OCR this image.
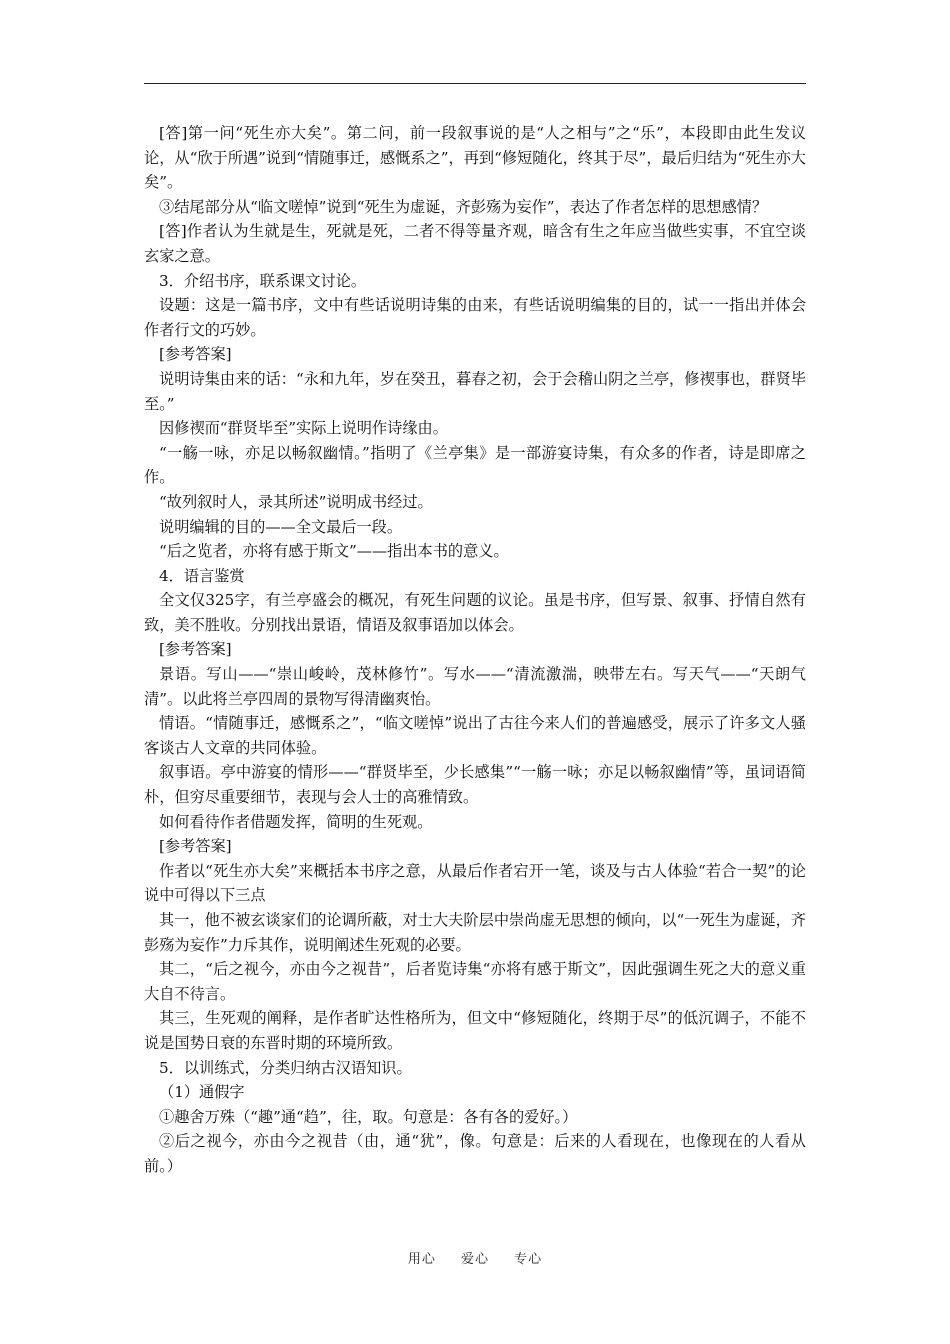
[答]第一问“死生亦大矣”。第二问，前一段叙事说的是“人之相与”之“乐”，本段即由此生发议论，从“欣于所遇”说到“情随事迁，感慨系之”，再到“修短随化，终其于尽”，最后归结为“死生亦大矣”。

③结尾部分从“临文嗟悼”说到“死生为虚诞，齐彭殇为妄作”，表达了作者怎样的思想感情？

[答]作者认为生就是生，死就是死，二者不得等量齐观，暗含有生之年应当做些实事，不宜空谈玄家之意。

3．介绍书序，联系课文讨论。

设题：这是一篇书序，文中有些话说明诗集的由来，有些话说明编集的目的，试一一指出并体会作者行文的巧妙。

[参考答案]

说明诗集由来的话：“永和九年，岁在癸丑，暮春之初，会于会稽山阴之兰亭，修禊事也，群贤毕至。”

因修禊而“群贤毕至”实际上说明作诗缘由。

“一觞一咏，亦足以畅叙幽情。”指明了《兰亭集》是一部游宴诗集，有众多的作者，诗是即席之作。

“故列叙时人，录其所述”说明成书经过。

说明编辑的目的——全文最后一段。

“后之览者，亦将有感于斯文”——指出本书的意义。

4．语言鉴赏

全文仅325字，有兰亭盛会的概况，有死生问题的议论。虽是书序，但写景、叙事、抒情自然有致，美不胜收。分别找出景语，情语及叙事语加以体会。

[参考答案]

景语。写山——“崇山峻岭，茂林修竹”。写水——“清流激湍，映带左右。写天气——“天朗气清”。以此将兰亭四周的景物写得清幽爽怡。

情语。“情随事迁，感慨系之”，“临文嗟悼”说出了古往今来人们的普遍感受，展示了许多文人骚客谈古人文章的共同体验。

叙事语。亭中游宴的情形——“群贤毕至，少长感集”“一觞一咏；亦足以畅叙幽情”等，虽词语简朴，但穷尽重要细节，表现与会人士的高雅情致。

如何看待作者借题发挥，简明的生死观。

[参考答案]

作者以“死生亦大矣”来概括本书序之意，从最后作者宕开一笔，谈及与古人体验“若合一契”的论说中可得以下三点

其一，他不被玄谈家们的论调所蔽，对士大夫阶层中崇尚虚无思想的倾向，以“一死生为虚诞，齐彭殇为妄作”力斥其作，说明阐述生死观的必要。

其二，“后之视今，亦由今之视昔”，后者览诗集“亦将有感于斯文”，因此强调生死之大的意义重大自不待言。

其三，生死观的阐释，是作者旷达性格所为，但文中“修短随化，终期于尽”的低沉调子，不能不说是国势日衰的东晋时期的环境所致。

5．以训练式，分类归纳古汉语知识。

（1）通假字

①趣舍万殊（“趣”通“趋”，往，取。句意是：各有各的爱好。）

②后之视今，亦由今之视昔（由，通“犹”，像。句意是：后来的人看现在，也像现在的人看从前。）

用心 爱心 专心
